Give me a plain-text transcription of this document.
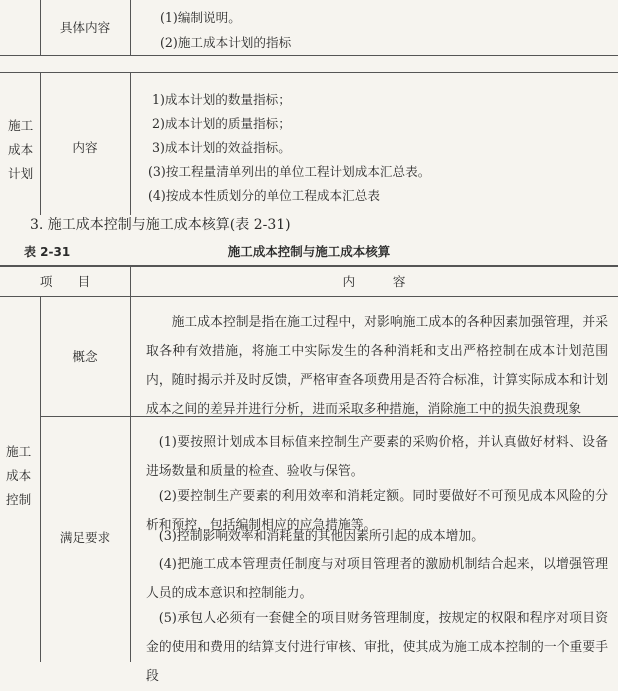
具体内容
(1)编制说明。
(2)施工成本计划的指标
施工
成本
计划
内容
1)成本计划的数量指标；
2)成本计划的质量指标；
3)成本计划的效益指标。
(3)按工程量清单列出的单位工程计划成本汇总表。
(4)按成本性质划分的单位工程成本汇总表
3. 施工成本控制与施工成本核算(表 2-31)
表 2-31	施工成本控制与施工成本核算
项　　目	内　　　容
施工
成本
控制
概念
施工成本控制是指在施工过程中，对影响施工成本的各种因素加强管理，并采取各种有效措施，将施工中实际发生的各种消耗和支出严格控制在成本计划范围内，随时揭示并及时反馈，严格审查各项费用是否符合标准，计算实际成本和计划成本之间的差异并进行分析，进而采取多种措施，消除施工中的损失浪费现象
满足要求
(1)要按照计划成本目标值来控制生产要素的采购价格，并认真做好材料、设备进场数量和质量的检查、验收与保管。
(2)要控制生产要素的利用效率和消耗定额。同时要做好不可预见成本风险的分析和预控，包括编制相应的应急措施等。
(3)控制影响效率和消耗量的其他因素所引起的成本增加。
(4)把施工成本管理责任制度与对项目管理者的激励机制结合起来，以增强管理人员的成本意识和控制能力。
(5)承包人必须有一套健全的项目财务管理制度，按规定的权限和程序对项目资金的使用和费用的结算支付进行审核、审批，使其成为施工成本控制的一个重要手段
